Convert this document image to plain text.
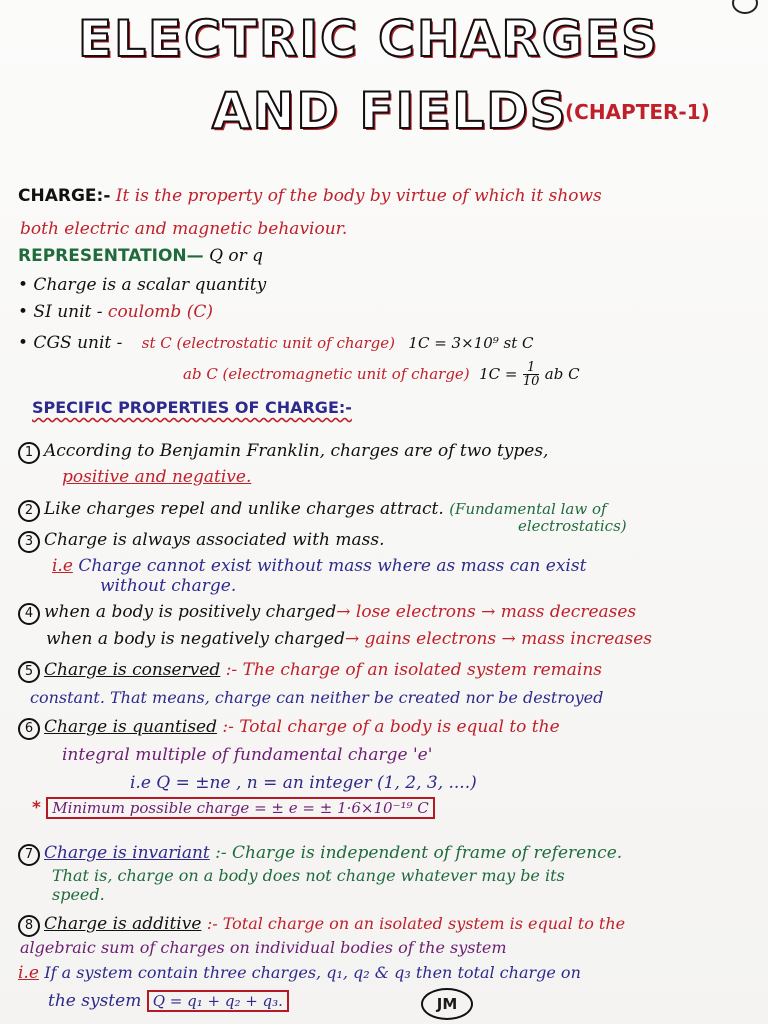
ELECTRIC CHARGES
AND FIELDS
(CHAPTER-1)
CHARGE:- It is the property of the body by virtue of which it shows
both electric and magnetic behaviour.
REPRESENTATION— Q or q
• Charge is a scalar quantity
• SI unit - coulomb (C)
• CGS unit - st C (electrostatic unit of charge) 1C = 3×10⁹ st C
ab C (electromagnetic unit of charge) $1C = \frac{1}{10}$ ab C
SPECIFIC PROPERTIES OF CHARGE:-
1 According to Benjamin Franklin, charges are of two types,
positive and negative.
2 Like charges repel and unlike charges attract. (Fundamental law of
electrostatics)
3 Charge is always associated with mass.
i.e Charge cannot exist without mass where as mass can exist
without charge.
4 when a body is positively charged→ lose electrons → mass decreases
when a body is negatively charged→ gains electrons → mass increases
5 Charge is conserved :- The charge of an isolated system remains
constant. That means, charge can neither be created nor be destroyed
6 Charge is quantised :- Total charge of a body is equal to the
integral multiple of fundamental charge 'e'
i.e Q = ±ne , n = an integer (1, 2, 3, ....)
* Minimum possible charge = ± e = ± 1·6×10⁻¹⁹ C
7 Charge is invariant :- Charge is independent of frame of reference.
That is, charge on a body does not change whatever may be its
speed.
8 Charge is additive :- Total charge on an isolated system is equal to the
algebraic sum of charges on individual bodies of the system
i.e If a system contain three charges, q₁, q₂ & q₃ then total charge on
the system Q = q₁ + q₂ + q₃.	JM
